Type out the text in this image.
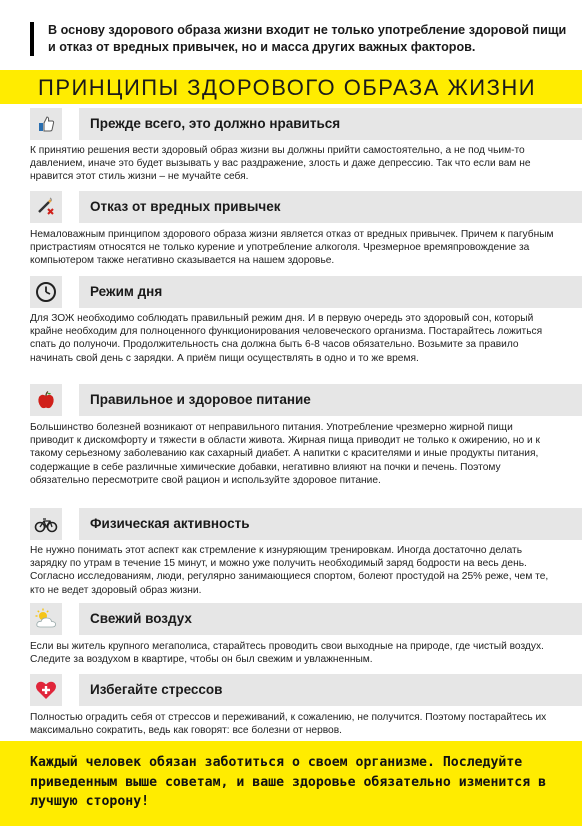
В основу здорового образа жизни входит не только употребление здоровой пищи и отказ от вредных привычек, но и масса других важных факторов.
ПРИНЦИПЫ ЗДОРОВОГО ОБРАЗА ЖИЗНИ
Прежде всего, это должно нравиться
К принятию решения вести здоровый образ жизни вы должны прийти самостоятельно, а не под чьим-то давлением, иначе это будет вызывать у вас раздражение, злость и даже депрессию. Так что если вам не нравится этот стиль жизни – не мучайте себя.
Отказ от вредных привычек
Немаловажным принципом здорового образа жизни является отказ от вредных привычек. Причем к пагубным пристрастиям относятся не только курение и употребление алкоголя. Чрезмерное времяпровождение за компьютером также негативно сказывается на нашем здоровье.
Режим дня
Для ЗОЖ необходимо соблюдать правильный режим дня. И в первую очередь это здоровый сон, который крайне необходим для полноценного функционирования человеческого организма. Постарайтесь ложиться спать до полуночи. Продолжительность сна должна быть 6-8 часов обязательно. Возьмите за правило начинать свой день с зарядки. А приём пищи осуществлять в одно и то же время.
Правильное и здоровое питание
Большинство болезней возникают от неправильного питания. Употребление чрезмерно жирной пищи приводит к дискомфорту и тяжести в области живота. Жирная пища приводит не только к ожирению, но и к такому серьезному заболеванию как сахарный диабет. А напитки с красителями и иные продукты питания, содержащие в себе различные химические добавки, негативно влияют на почки и печень. Поэтому обязательно пересмотрите свой рацион и используйте здоровое питание.
Физическая активность
Не нужно понимать этот аспект как стремление к изнуряющим тренировкам. Иногда достаточно делать зарядку по утрам в течение 15 минут, и можно уже получить необходимый заряд бодрости на весь день. Согласно исследованиям, люди, регулярно занимающиеся спортом, болеют простудой на 25% реже, чем те, кто не ведет здоровый образ жизни.
Свежий воздух
Если вы житель крупного мегаполиса, старайтесь проводить свои выходные на природе, где чистый воздух. Следите за воздухом в квартире, чтобы он был свежим и увлажненным.
Избегайте стрессов
Полностью оградить себя от стрессов и переживаний, к сожалению, не получится. Поэтому постарайтесь их максимально сократить, ведь как говорят: все болезни от нервов.
Каждый человек обязан заботиться о своем организме. Последуйте приведенным выше советам, и ваше здоровье обязательно изменится в лучшую сторону!
